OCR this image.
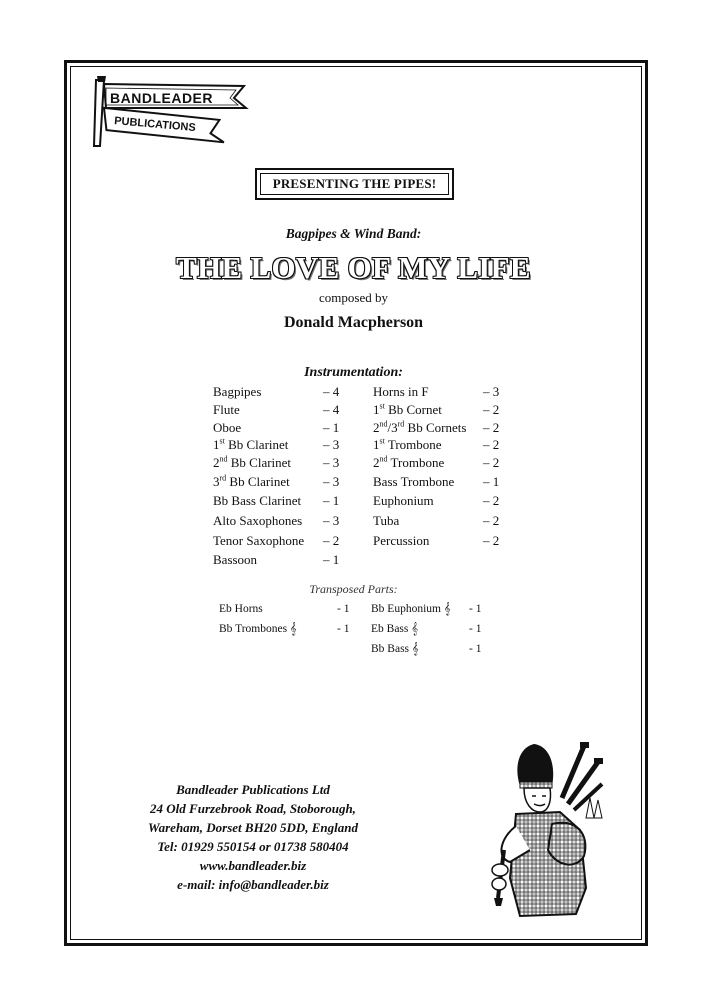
BANDLEADER
PUBLICATIONS
PRESENTING THE PIPES!
Bagpipes & Wind Band:
THE LOVE OF MY LIFE
composed by
Donald Macpherson
Instrumentation:
Bagpipes	– 4
Flute	– 4
Oboe	– 1
1st Bb Clarinet	– 3
2nd Bb Clarinet – 3
3rd Bb Clarinet	– 3
Bb Bass Clarinet – 1
Alto Saxophones – 3
Tenor Saxophone – 2
Bassoon	– 1
Horns in F	– 3
1st Bb Cornet	– 2
2nd/3rd Bb Cornets – 2
1st Trombone	– 2
2nd Trombone	– 2
Bass Trombone – 1
Euphonium	– 2
Tuba	– 2
Percussion	– 2
Transposed Parts:
Eb Horns	- 1
Bb Trombones 𝄞	- 1
Bb Euphonium 𝄞 - 1
Eb Bass 𝄞	- 1
Bb Bass 𝄞	- 1
Bandleader Publications Ltd
24 Old Furzebrook Road, Stoborough,
Wareham, Dorset BH20 5DD, England
Tel: 01929 550154 or 01738 580404
www.bandleader.biz
e-mail: info@bandleader.biz
